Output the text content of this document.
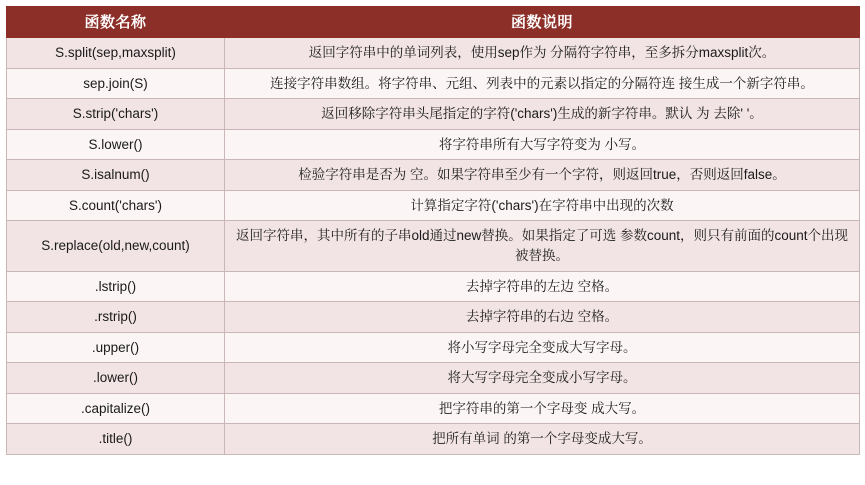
函数名称	函数说明
S.split(sep,maxsplit)	返回字符串中的单词列表，使用sep作为 分隔符字符串，至多拆分maxsplit次。
sep.join(S)	连接字符串数组。将字符串、元组、列表中的元素以指定的分隔符连 接生成一个新字符串。
S.strip('chars')	返回移除字符串头尾指定的字符('chars')生成的新字符串。默认 为 去除' '。
S.lower()	将字符串所有大写字符变为 小写。
S.isalnum()	检验字符串是否为 空。如果字符串至少有一个字符，则返回true，否则返回false。
S.count('chars')	计算指定字符('chars')在字符串中出现的次数
S.replace(old,new,count)	返回字符串，其中所有的子串old通过new替换。如果指定了可选 参数count，则只有前面的count个出现被替换。
.lstrip()	去掉字符串的左边 空格。
.rstrip()	去掉字符串的右边 空格。
.upper()	将小写字母完全变成大写字母。
.lower()	将大写字母完全变成小写字母。
.capitalize()	把字符串的第一个字母变 成大写。
.title()	把所有单词 的第一个字母变成大写。
